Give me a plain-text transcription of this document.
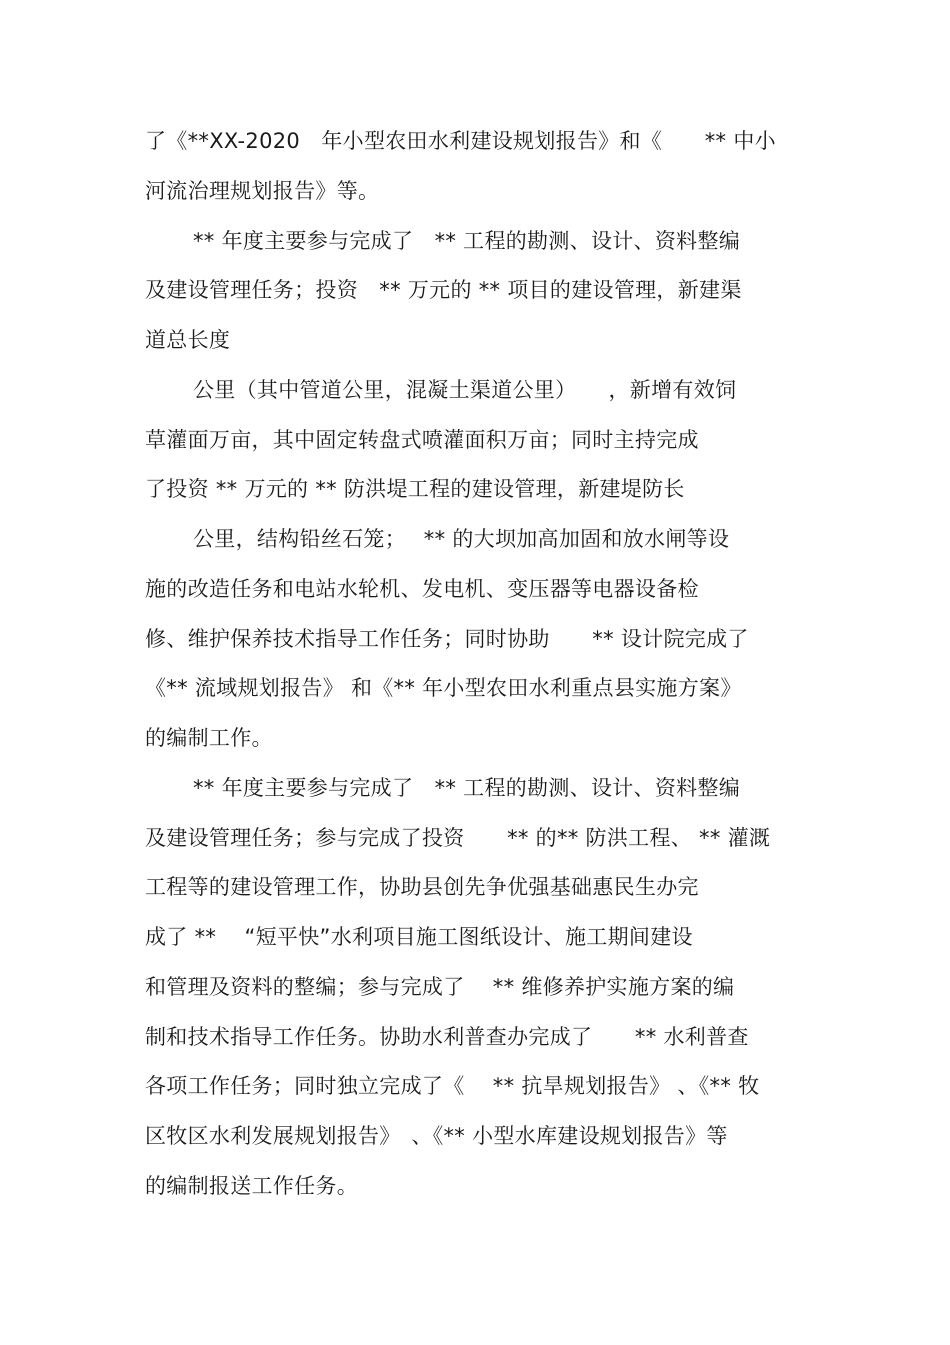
了《**XX-2020　年小型农田水利建设规划报告》和《　　** 中小
河流治理规划报告》等。
** 年度主要参与完成了　** 工程的勘测、设计、资料整编
及建设管理任务；投资　** 万元的 ** 项目的建设管理，新建渠
道总长度
公里（其中管道公里，混凝土渠道公里）　　，新增有效饲
草灌面万亩，其中固定转盘式喷灌面积万亩；同时主持完成
了投资 ** 万元的 ** 防洪堤工程的建设管理，新建堤防长
公里，结构铅丝石笼；　 ** 的大坝加高加固和放水闸等设
施的改造任务和电站水轮机、发电机、变压器等电器设备检
修、维护保养技术指导工作任务；同时协助　　** 设计院完成了
《** 流域规划报告》 和《** 年小型农田水利重点县实施方案》
的编制工作。
** 年度主要参与完成了　** 工程的勘测、设计、资料整编
及建设管理任务；参与完成了投资　　** 的** 防洪工程、 ** 灌溉
工程等的建设管理工作，协助县创先争优强基础惠民生办完
成了 ** 　“短平快”水利项目施工图纸设计、施工期间建设
和管理及资料的整编；参与完成了　 ** 维修养护实施方案的编
制和技术指导工作任务。协助水利普查办完成了　　** 水利普查
各项工作任务；同时独立完成了《　 ** 抗旱规划报告》 、《** 牧
区牧区水利发展规划报告》　、《** 小型水库建设规划报告》等
的编制报送工作任务。
